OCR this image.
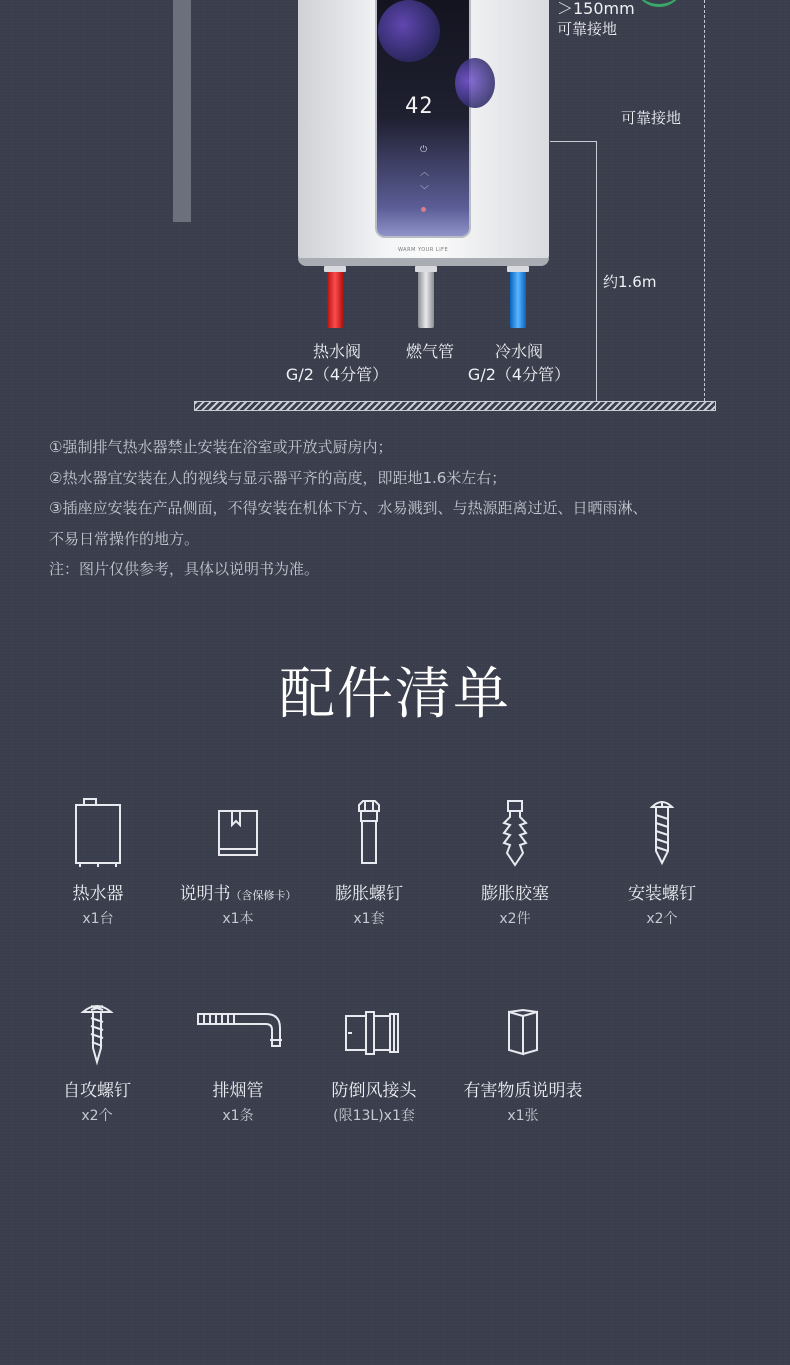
42
⏻
︿
﹀
WARM YOUR LIFE
热水阀
G/2（4分管）
燃气管	冷水阀
G/2（4分管）
＞150mm
可靠接地
可靠接地
约1.6m
①强制排气热水器禁止安装在浴室或开放式厨房内；
②热水器宜安装在人的视线与显示器平齐的高度，即距地1.6米左右；
③插座应安装在产品侧面，不得安装在机体下方、水易溅到、与热源距离过近、日晒雨淋、
不易日常操作的地方。
注：图片仅供参考，具体以说明书为准。
配件清单
热水器
x1台
说明书（含保修卡）
x1本
膨胀螺钉
x1套
膨胀胶塞
x2件
安装螺钉
x2个
自攻螺钉
x2个
排烟管
x1条
防倒风接头
(限13L)x1套
有害物质说明表
x1张
